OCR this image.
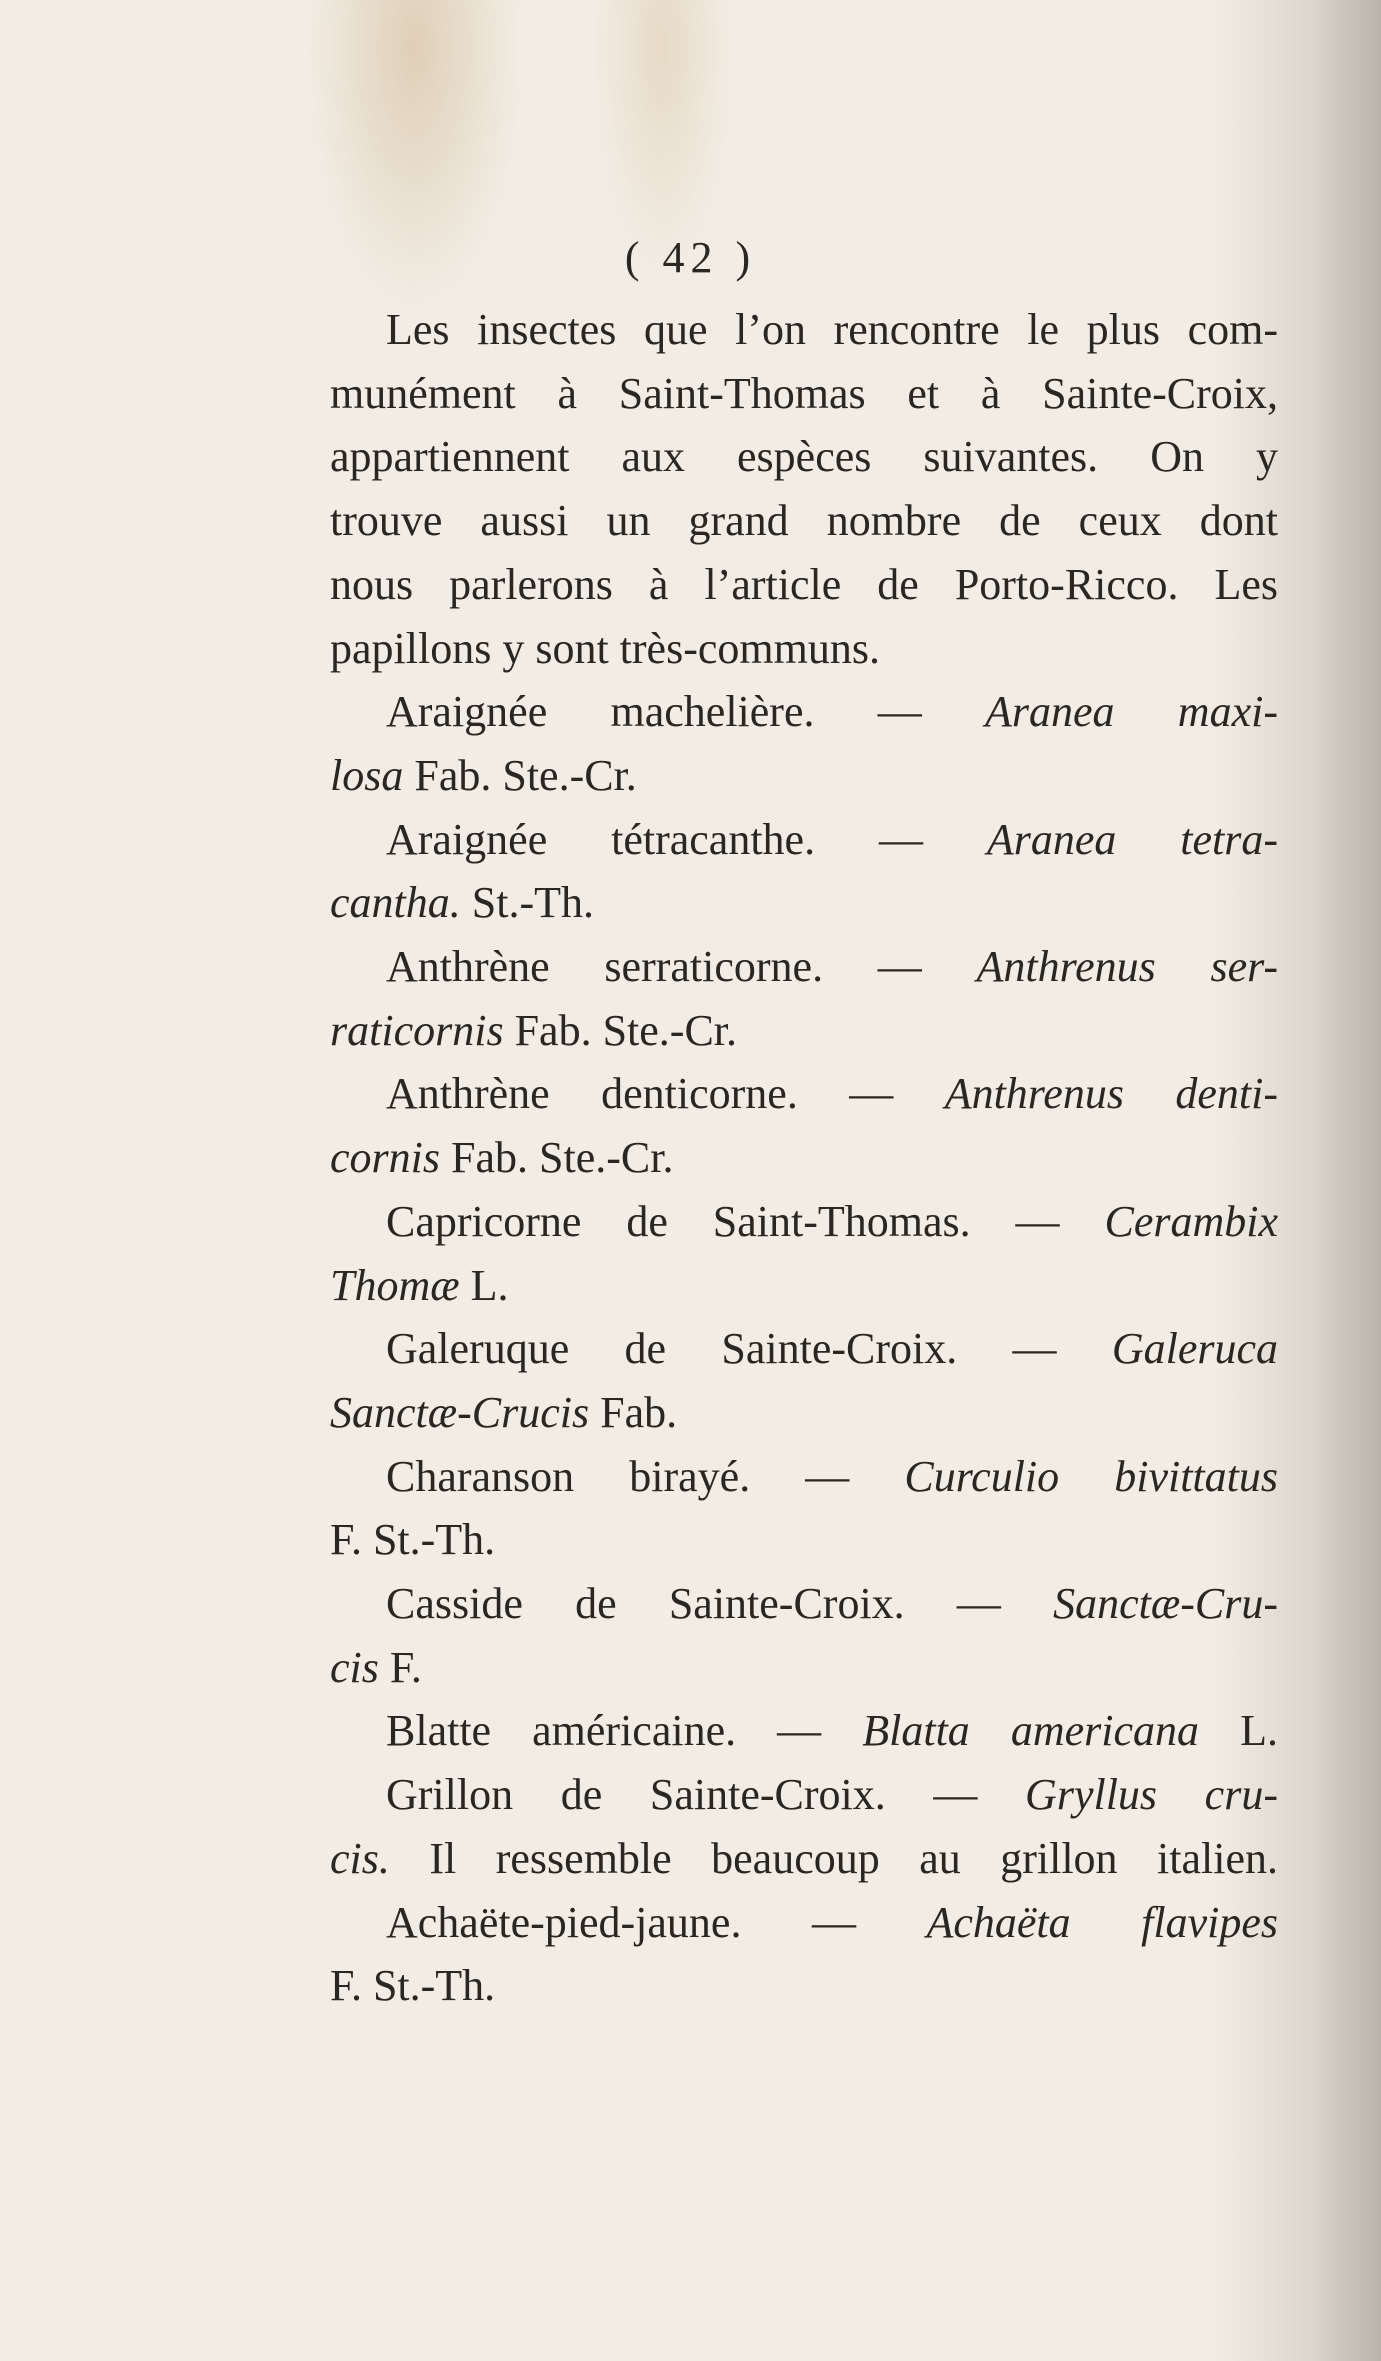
( 42 )
Les insectes que l’on rencontre le plus com-
munément à Saint-Thomas et à Sainte-Croix,
appartiennent aux espèces suivantes. On y
trouve aussi un grand nombre de ceux dont
nous parlerons à l’article de Porto-Ricco. Les
papillons y sont très-communs.
Araignée machelière. — Aranea maxi-
losa Fab. Ste.-Cr.
Araignée tétracanthe. — Aranea tetra-
cantha. St.-Th.
Anthrène serraticorne. — Anthrenus ser-
raticornis Fab. Ste.-Cr.
Anthrène denticorne. — Anthrenus denti-
cornis Fab. Ste.-Cr.
Capricorne de Saint-Thomas. — Cerambix
Thomæ L.
Galeruque de Sainte-Croix. — Galeruca
Sanctæ-Crucis Fab.
Charanson birayé. — Curculio bivittatus
F. St.-Th.
Casside de Sainte-Croix. — Sanctæ-Cru-
cis F.
Blatte américaine. — Blatta americana L.
Grillon de Sainte-Croix. — Gryllus cru-
cis. Il ressemble beaucoup au grillon italien.
Achaëte-pied-jaune. — Achaëta flavipes
F. St.-Th.
